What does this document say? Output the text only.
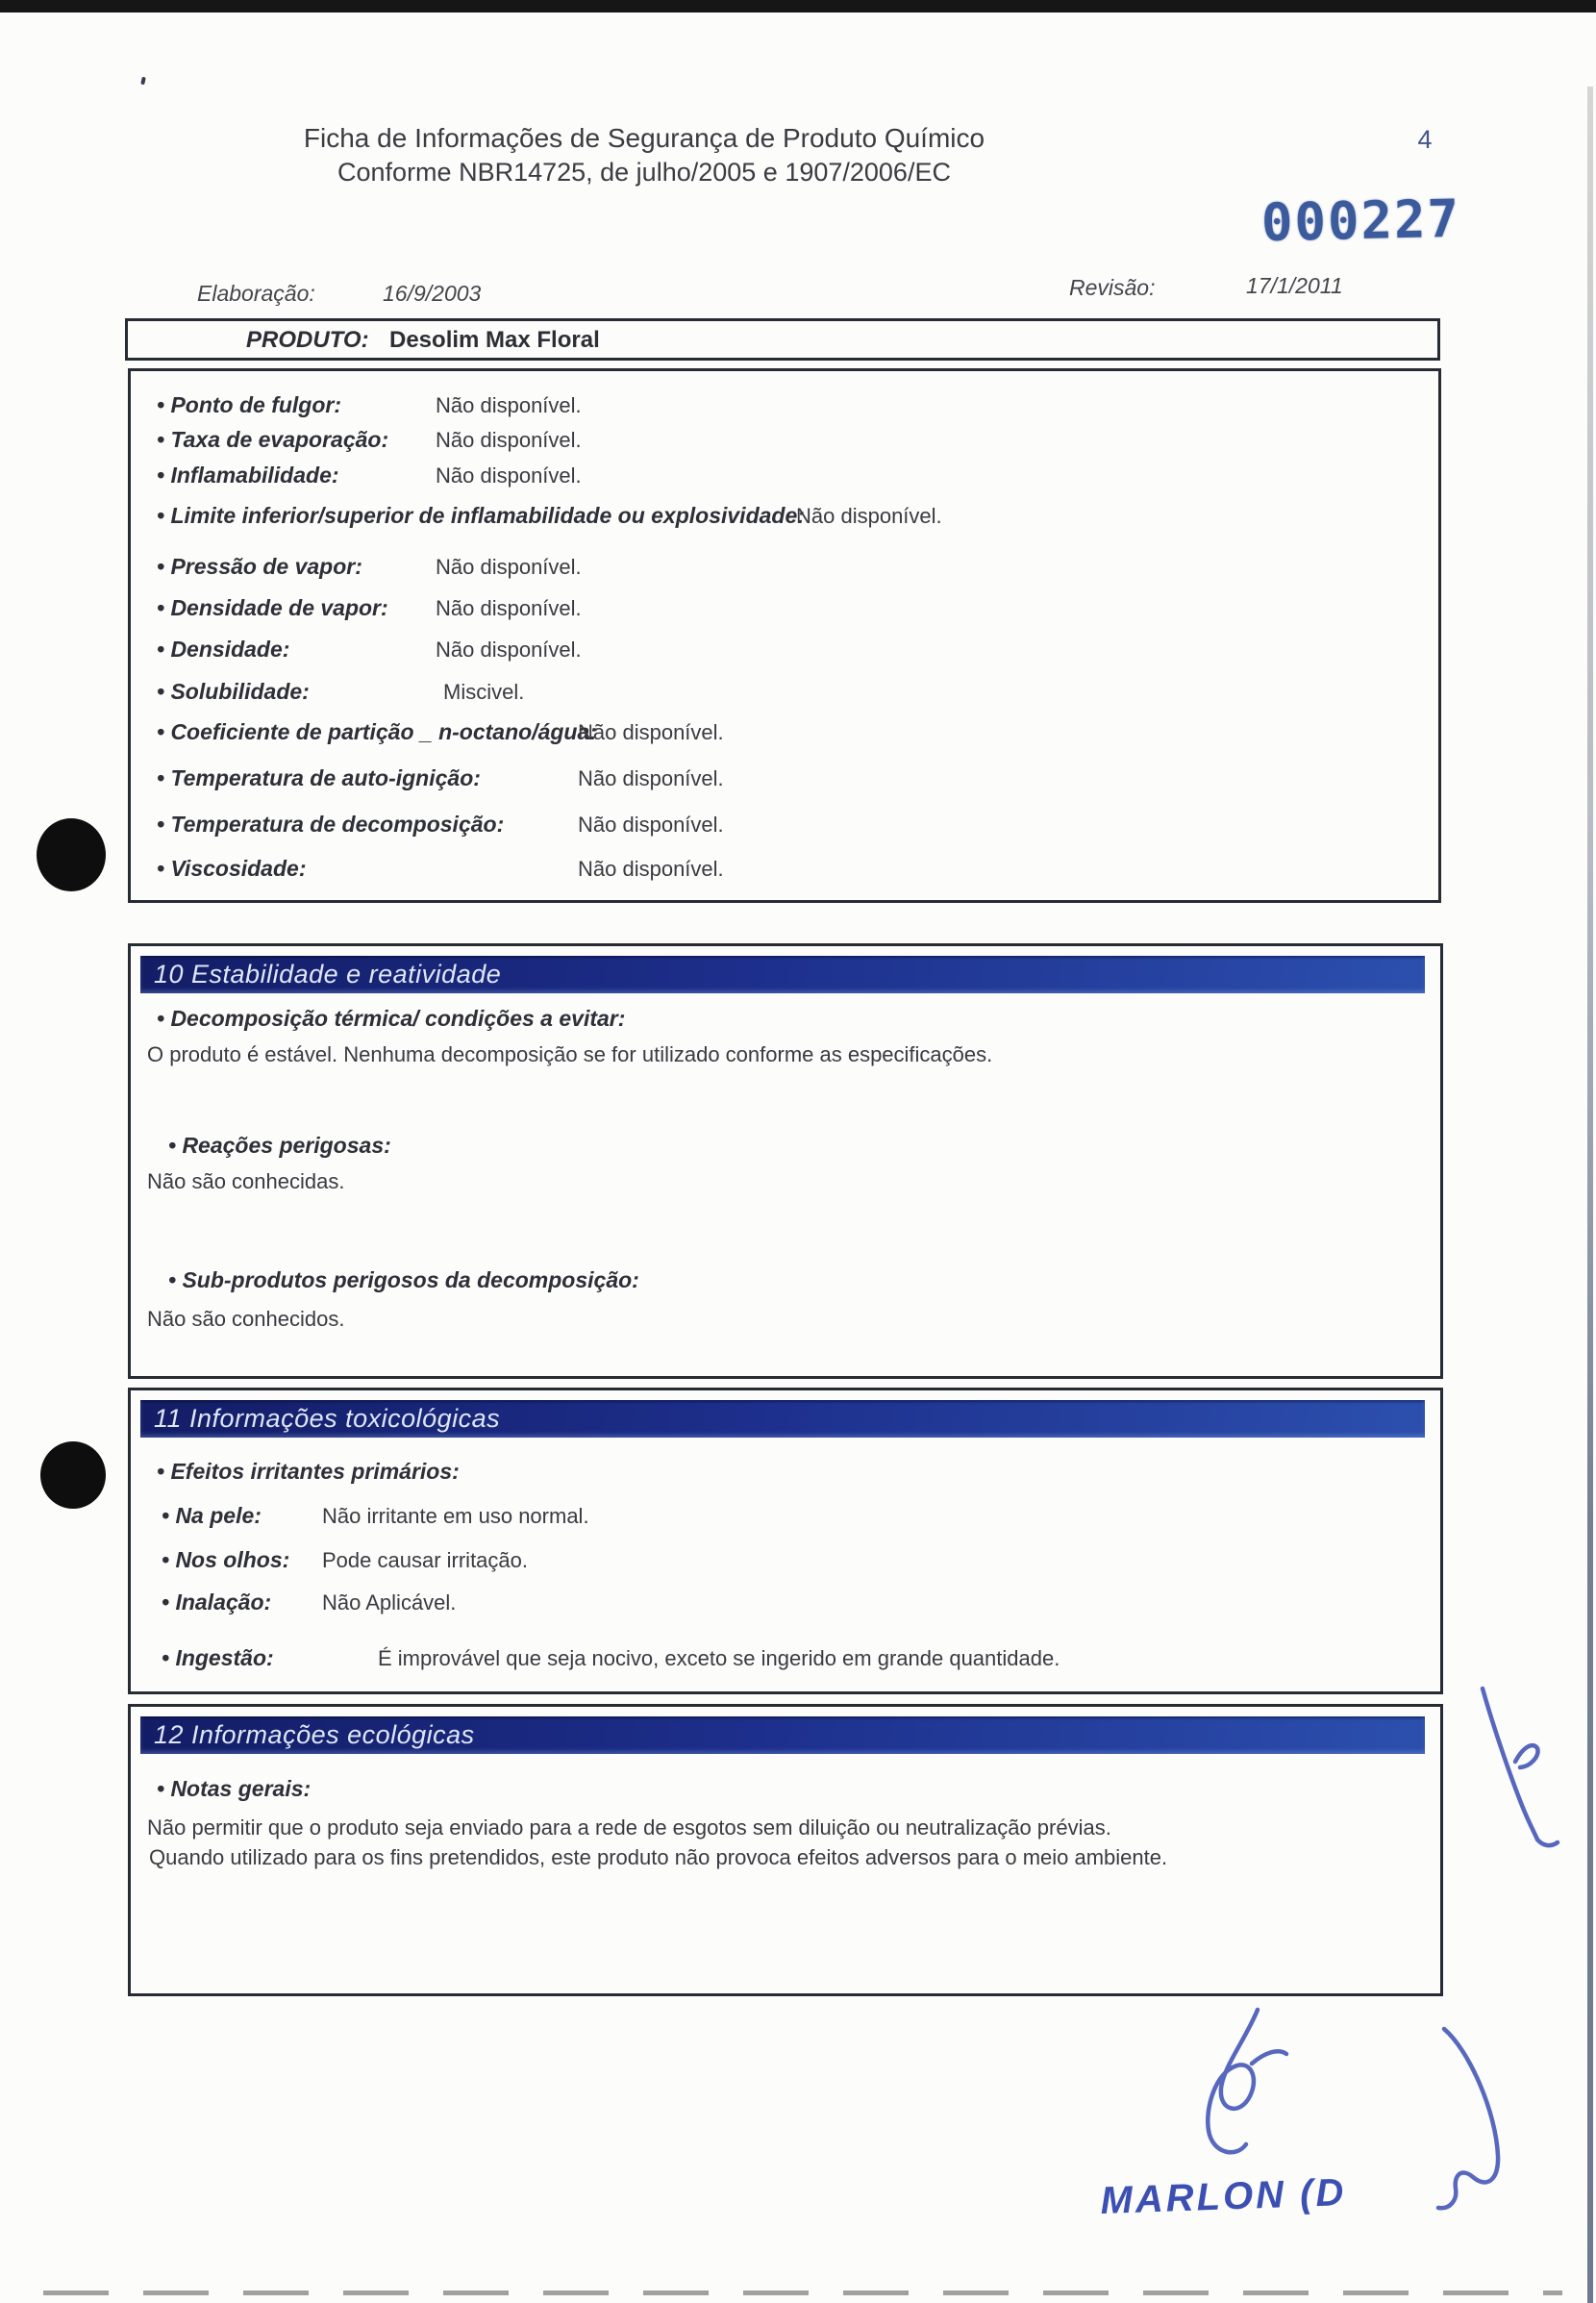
Ficha de Informações de Segurança de Produto Químico
Conforme NBR14725, de julho/2005 e 1907/2006/EC
4
000227
Elaboração:	16/9/2003	Revisão:	17/1/2011
PRODUTO: Desolim Max Floral
• Ponto de fulgor:	Não disponível.
• Taxa de evaporação: Não disponível.
• Inflamabilidade:	Não disponível.
• Limite inferior/superior de inflamabilidade ou explosividade:
Não disponível.
• Pressão de vapor:	Não disponível.
• Densidade de vapor: Não disponível.
• Densidade:	Não disponível.
• Solubilidade:	Miscivel.
• Coeficiente de partição _ n-octano/água:
Não disponível.
• Temperatura de auto-ignição:	Não disponível.
• Temperatura de decomposição:	Não disponível.
• Viscosidade:	Não disponível.
10 Estabilidade e reatividade
• Decomposição térmica/ condições a evitar:
O produto é estável. Nenhuma decomposição se for utilizado conforme as especificações.
• Reações perigosas:
Não são conhecidas.
• Sub-produtos perigosos da decomposição:
Não são conhecidos.
11 Informações toxicológicas
• Efeitos irritantes primários:
• Na pele:	Não irritante em uso normal.
• Nos olhos: Pode causar irritação.
• Inalação: Não Aplicável.
• Ingestão:	É improvável que seja nocivo, exceto se ingerido em grande quantidade.
12 Informações ecológicas
• Notas gerais:
Não permitir que o produto seja enviado para a rede de esgotos sem diluição ou neutralização prévias.
Quando utilizado para os fins pretendidos, este produto não provoca efeitos adversos para o meio ambiente.
MARLON (D
